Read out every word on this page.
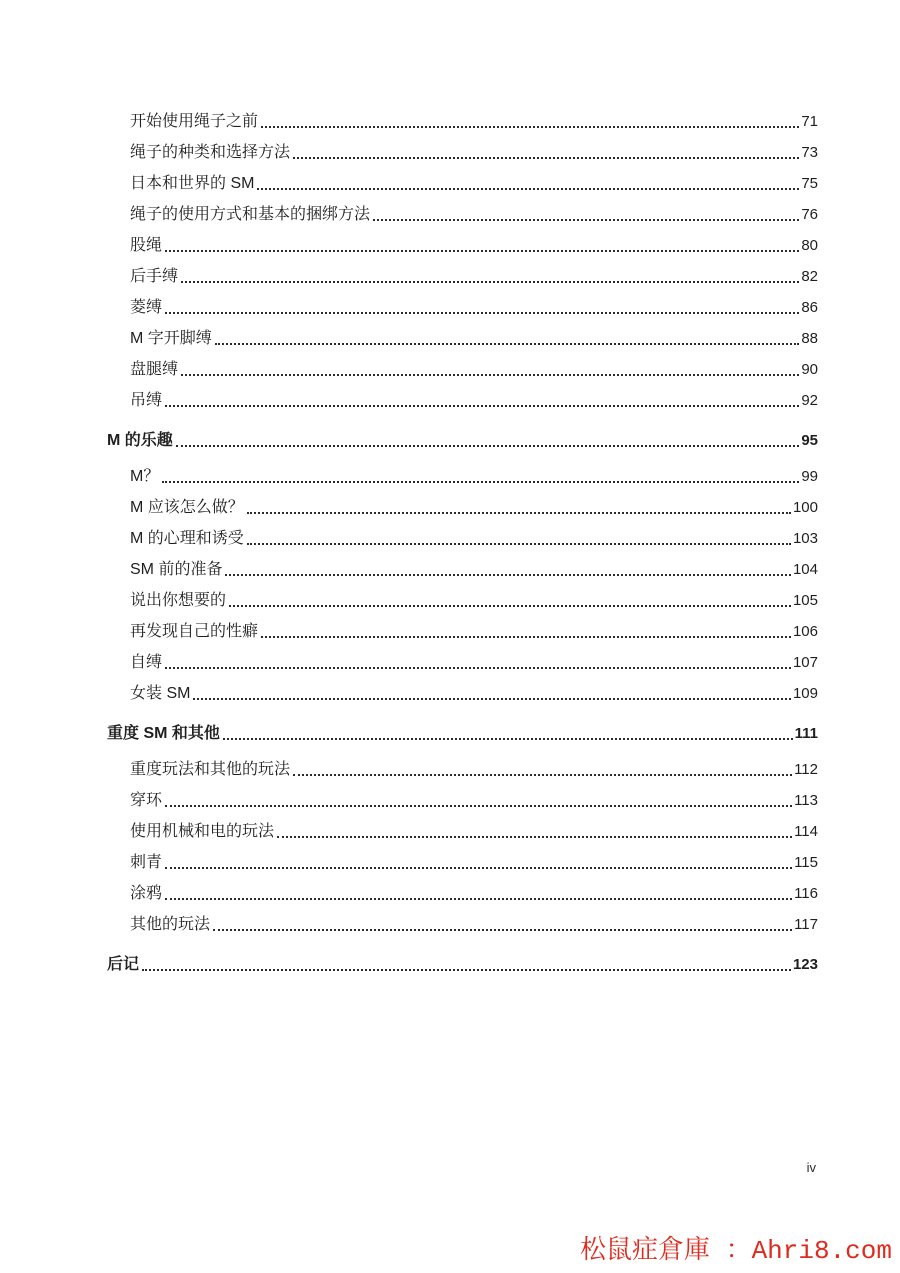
开始使用绳子之前	71
绳子的种类和选择方法	73
日本和世界的 SM	75
绳子的使用方式和基本的捆绑方法	76
股绳	80
后手缚	82
菱缚	86
M 字开脚缚	88
盘腿缚	90
吊缚	92
M 的乐趣	95
M？	99
M 应该怎么做？	100
M 的心理和诱受	103
SM 前的准备	104
说出你想要的	105
再发现自己的性癖	106
自缚	107
女装 SM	109
重度 SM 和其他	111
重度玩法和其他的玩法	112
穿环	113
使用机械和电的玩法	114
刺青	115
涂鸦	116
其他的玩法	117
后记	123
iv
松鼠症倉庫 ：Ahri8.com
